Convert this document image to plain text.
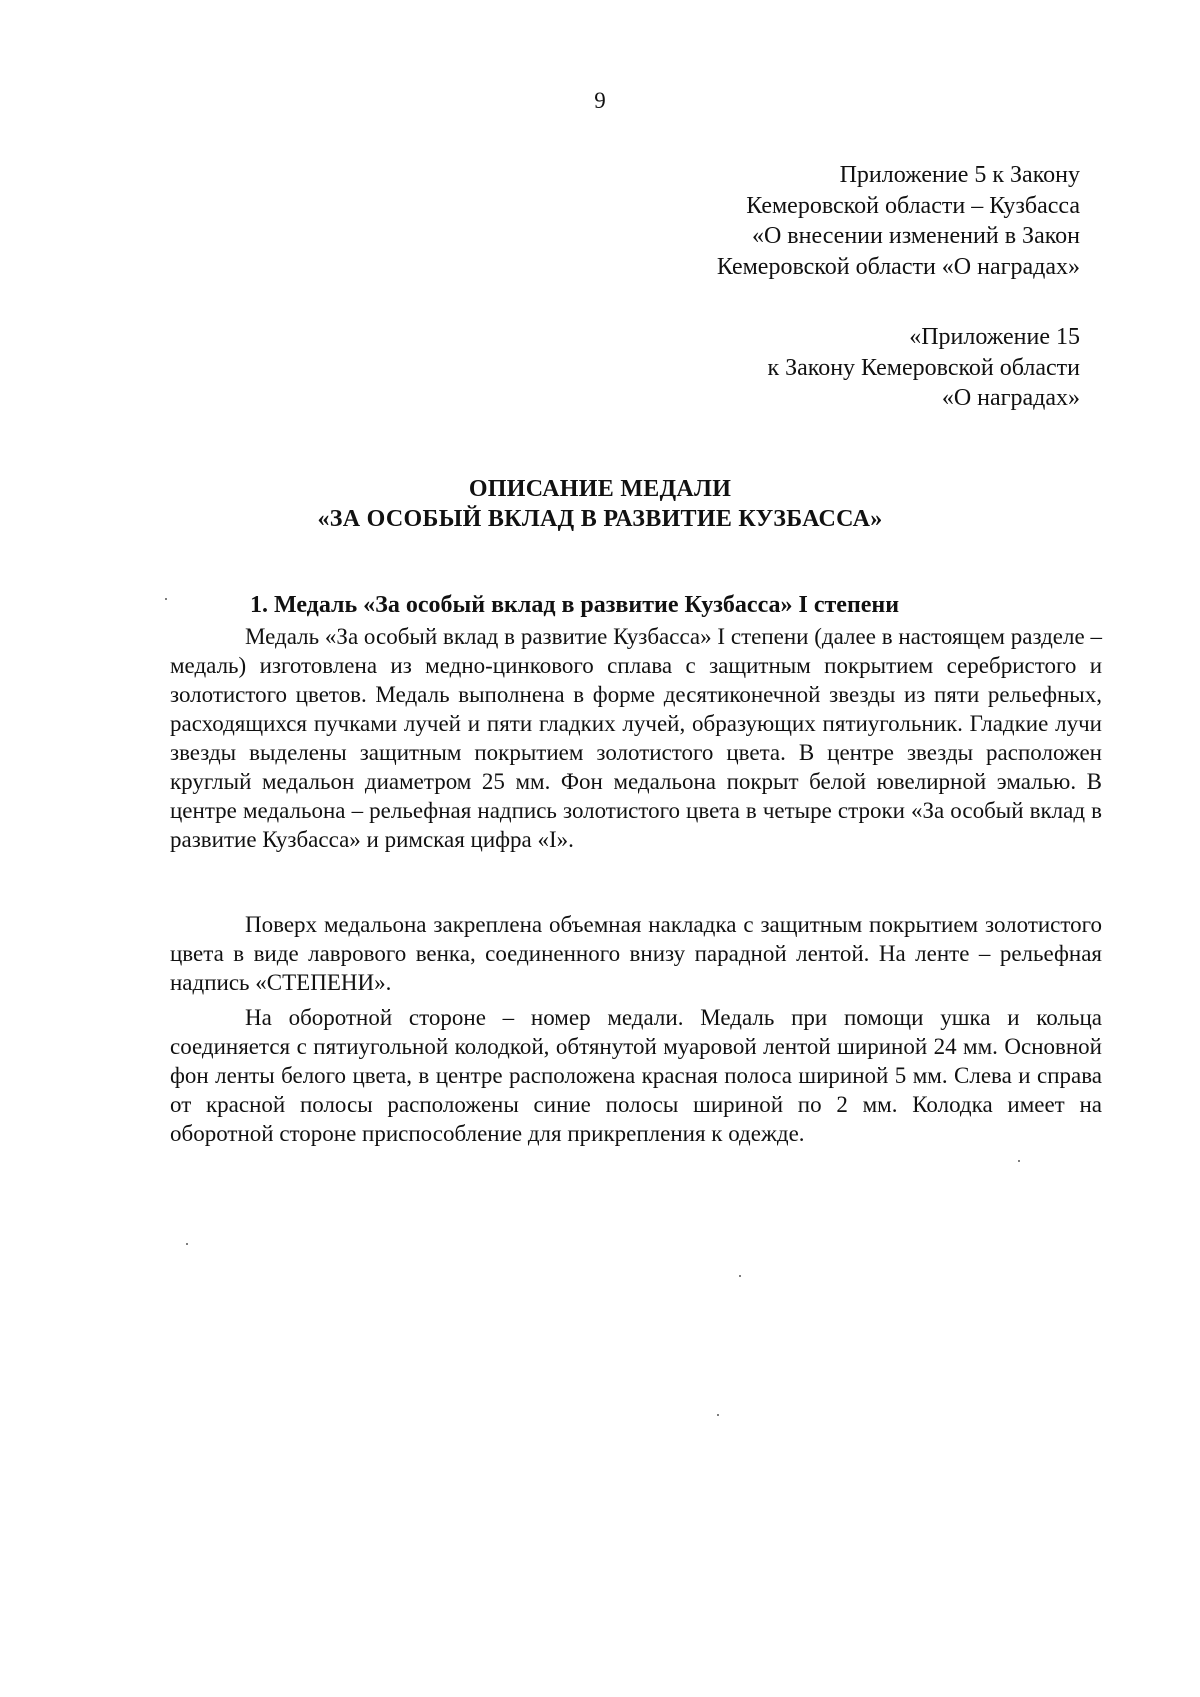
9
Приложение 5 к Закону
Кемеровской области – Кузбасса
«О внесении изменений в Закон
Кемеровской области «О наградах»
«Приложение 15
к Закону Кемеровской области
«О наградах»
ОПИСАНИЕ МЕДАЛИ
«ЗА ОСОБЫЙ ВКЛАД В РАЗВИТИЕ КУЗБАССА»
1. Медаль «За особый вклад в развитие Кузбасса» I степени

Медаль «За особый вклад в развитие Кузбасса» I степени (далее в настоящем разделе – медаль) изготовлена из медно-цинкового сплава с защитным покрытием серебристого и золотистого цветов. Медаль выполнена в форме десятиконечной звезды из пяти рельефных, расходящихся пучками лучей и пяти гладких лучей, образующих пятиугольник. Гладкие лучи звезды выделены защитным покрытием золотистого цвета. В центре звезды расположен круглый медальон диаметром 25 мм. Фон медальона покрыт белой ювелирной эмалью. В центре медальона – рельефная надпись золотистого цвета в четыре строки «За особый вклад в развитие Кузбасса» и римская цифра «I».

Поверх медальона закреплена объемная накладка с защитным покрытием золотистого цвета в виде лаврового венка, соединенного внизу парадной лентой. На ленте – рельефная надпись «СТЕПЕНИ».

На оборотной стороне – номер медали. Медаль при помощи ушка и кольца соединяется с пятиугольной колодкой, обтянутой муаровой лентой шириной 24 мм. Основной фон ленты белого цвета, в центре расположена красная полоса шириной 5 мм. Слева и справа от красной полосы расположены синие полосы шириной по 2 мм. Колодка имеет на оборотной стороне приспособление для прикрепления к одежде.
